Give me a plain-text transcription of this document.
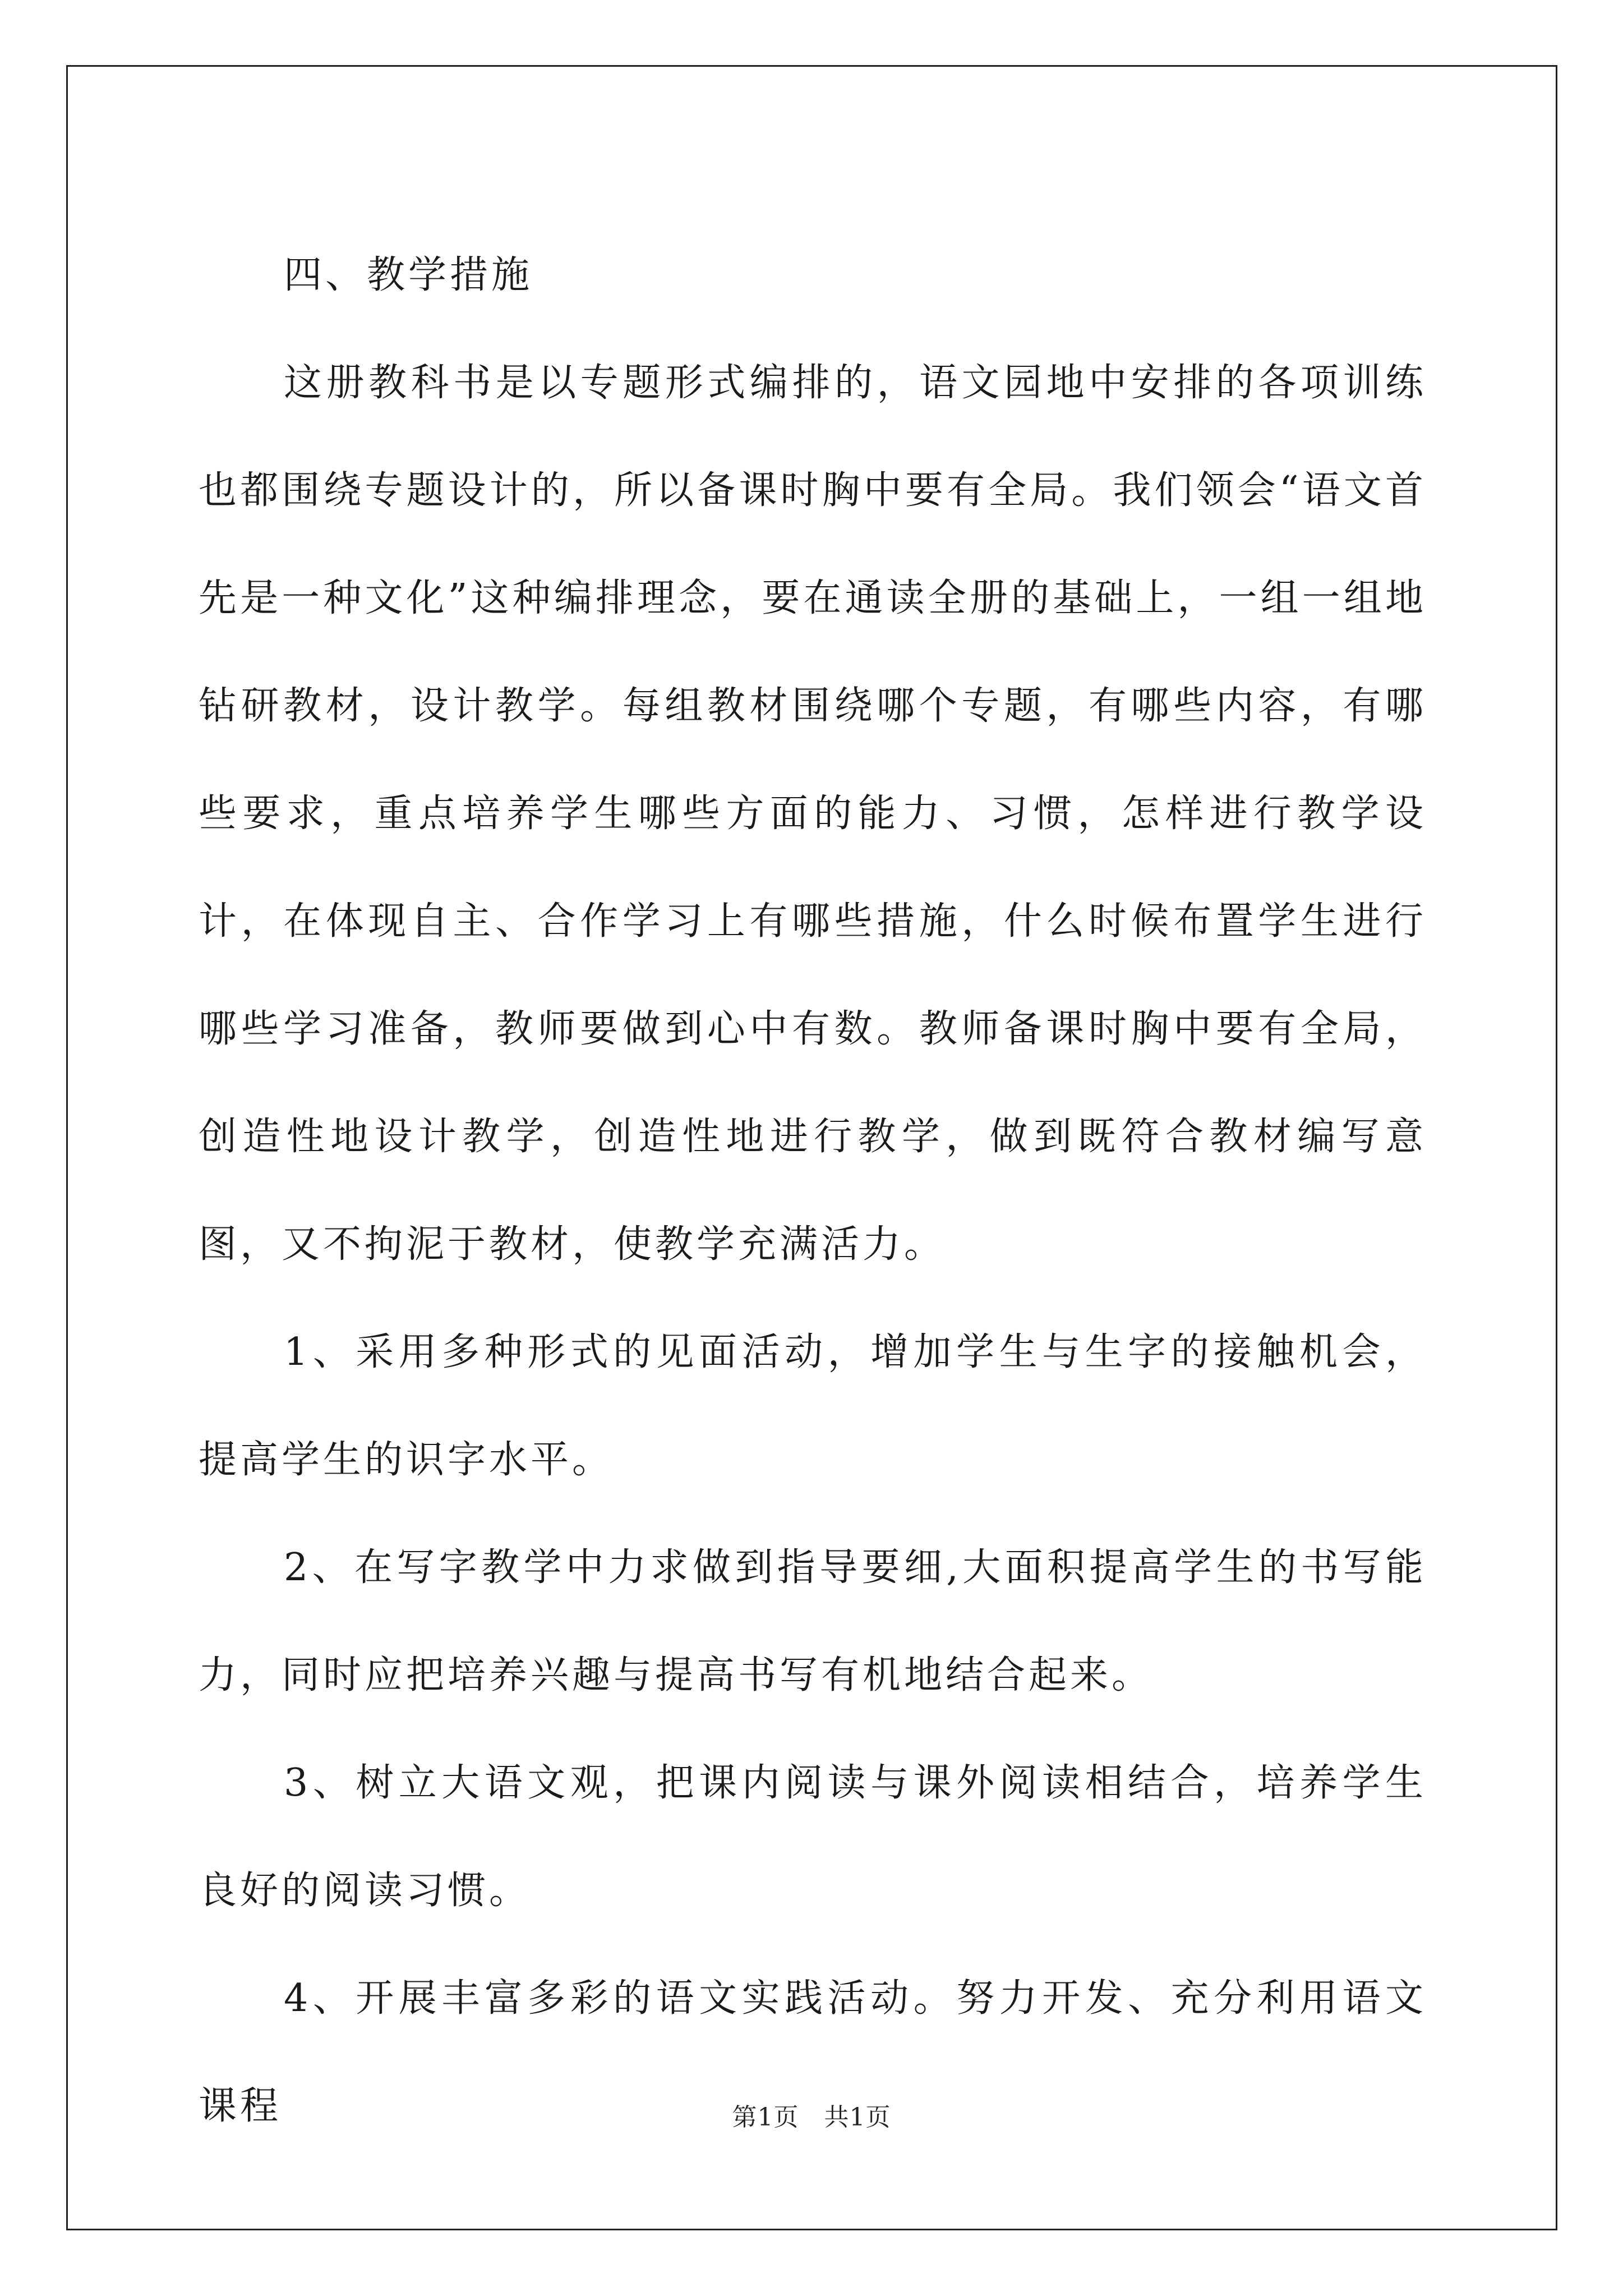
四、教学措施

这册教科书是以专题形式编排的，语文园地中安排的各项训练也都围绕专题设计的，所以备课时胸中要有全局。我们领会“语文首先是一种文化”这种编排理念，要在通读全册的基础上，一组一组地钻研教材，设计教学。每组教材围绕哪个专题，有哪些内容，有哪些要求，重点培养学生哪些方面的能力、习惯，怎样进行教学设计，在体现自主、合作学习上有哪些措施，什么时候布置学生进行哪些学习准备，教师要做到心中有数。教师备课时胸中要有全局，创造性地设计教学，创造性地进行教学，做到既符合教材编写意图，又不拘泥于教材，使教学充满活力。

1、采用多种形式的见面活动，增加学生与生字的接触机会，提高学生的识字水平。

2、在写字教学中力求做到指导要细,大面积提高学生的书写能力，同时应把培养兴趣与提高书写有机地结合起来。

3、树立大语文观，把课内阅读与课外阅读相结合，培养学生良好的阅读习惯。

4、开展丰富多彩的语文实践活动。努力开发、充分利用语文课程	第1页 共1页
